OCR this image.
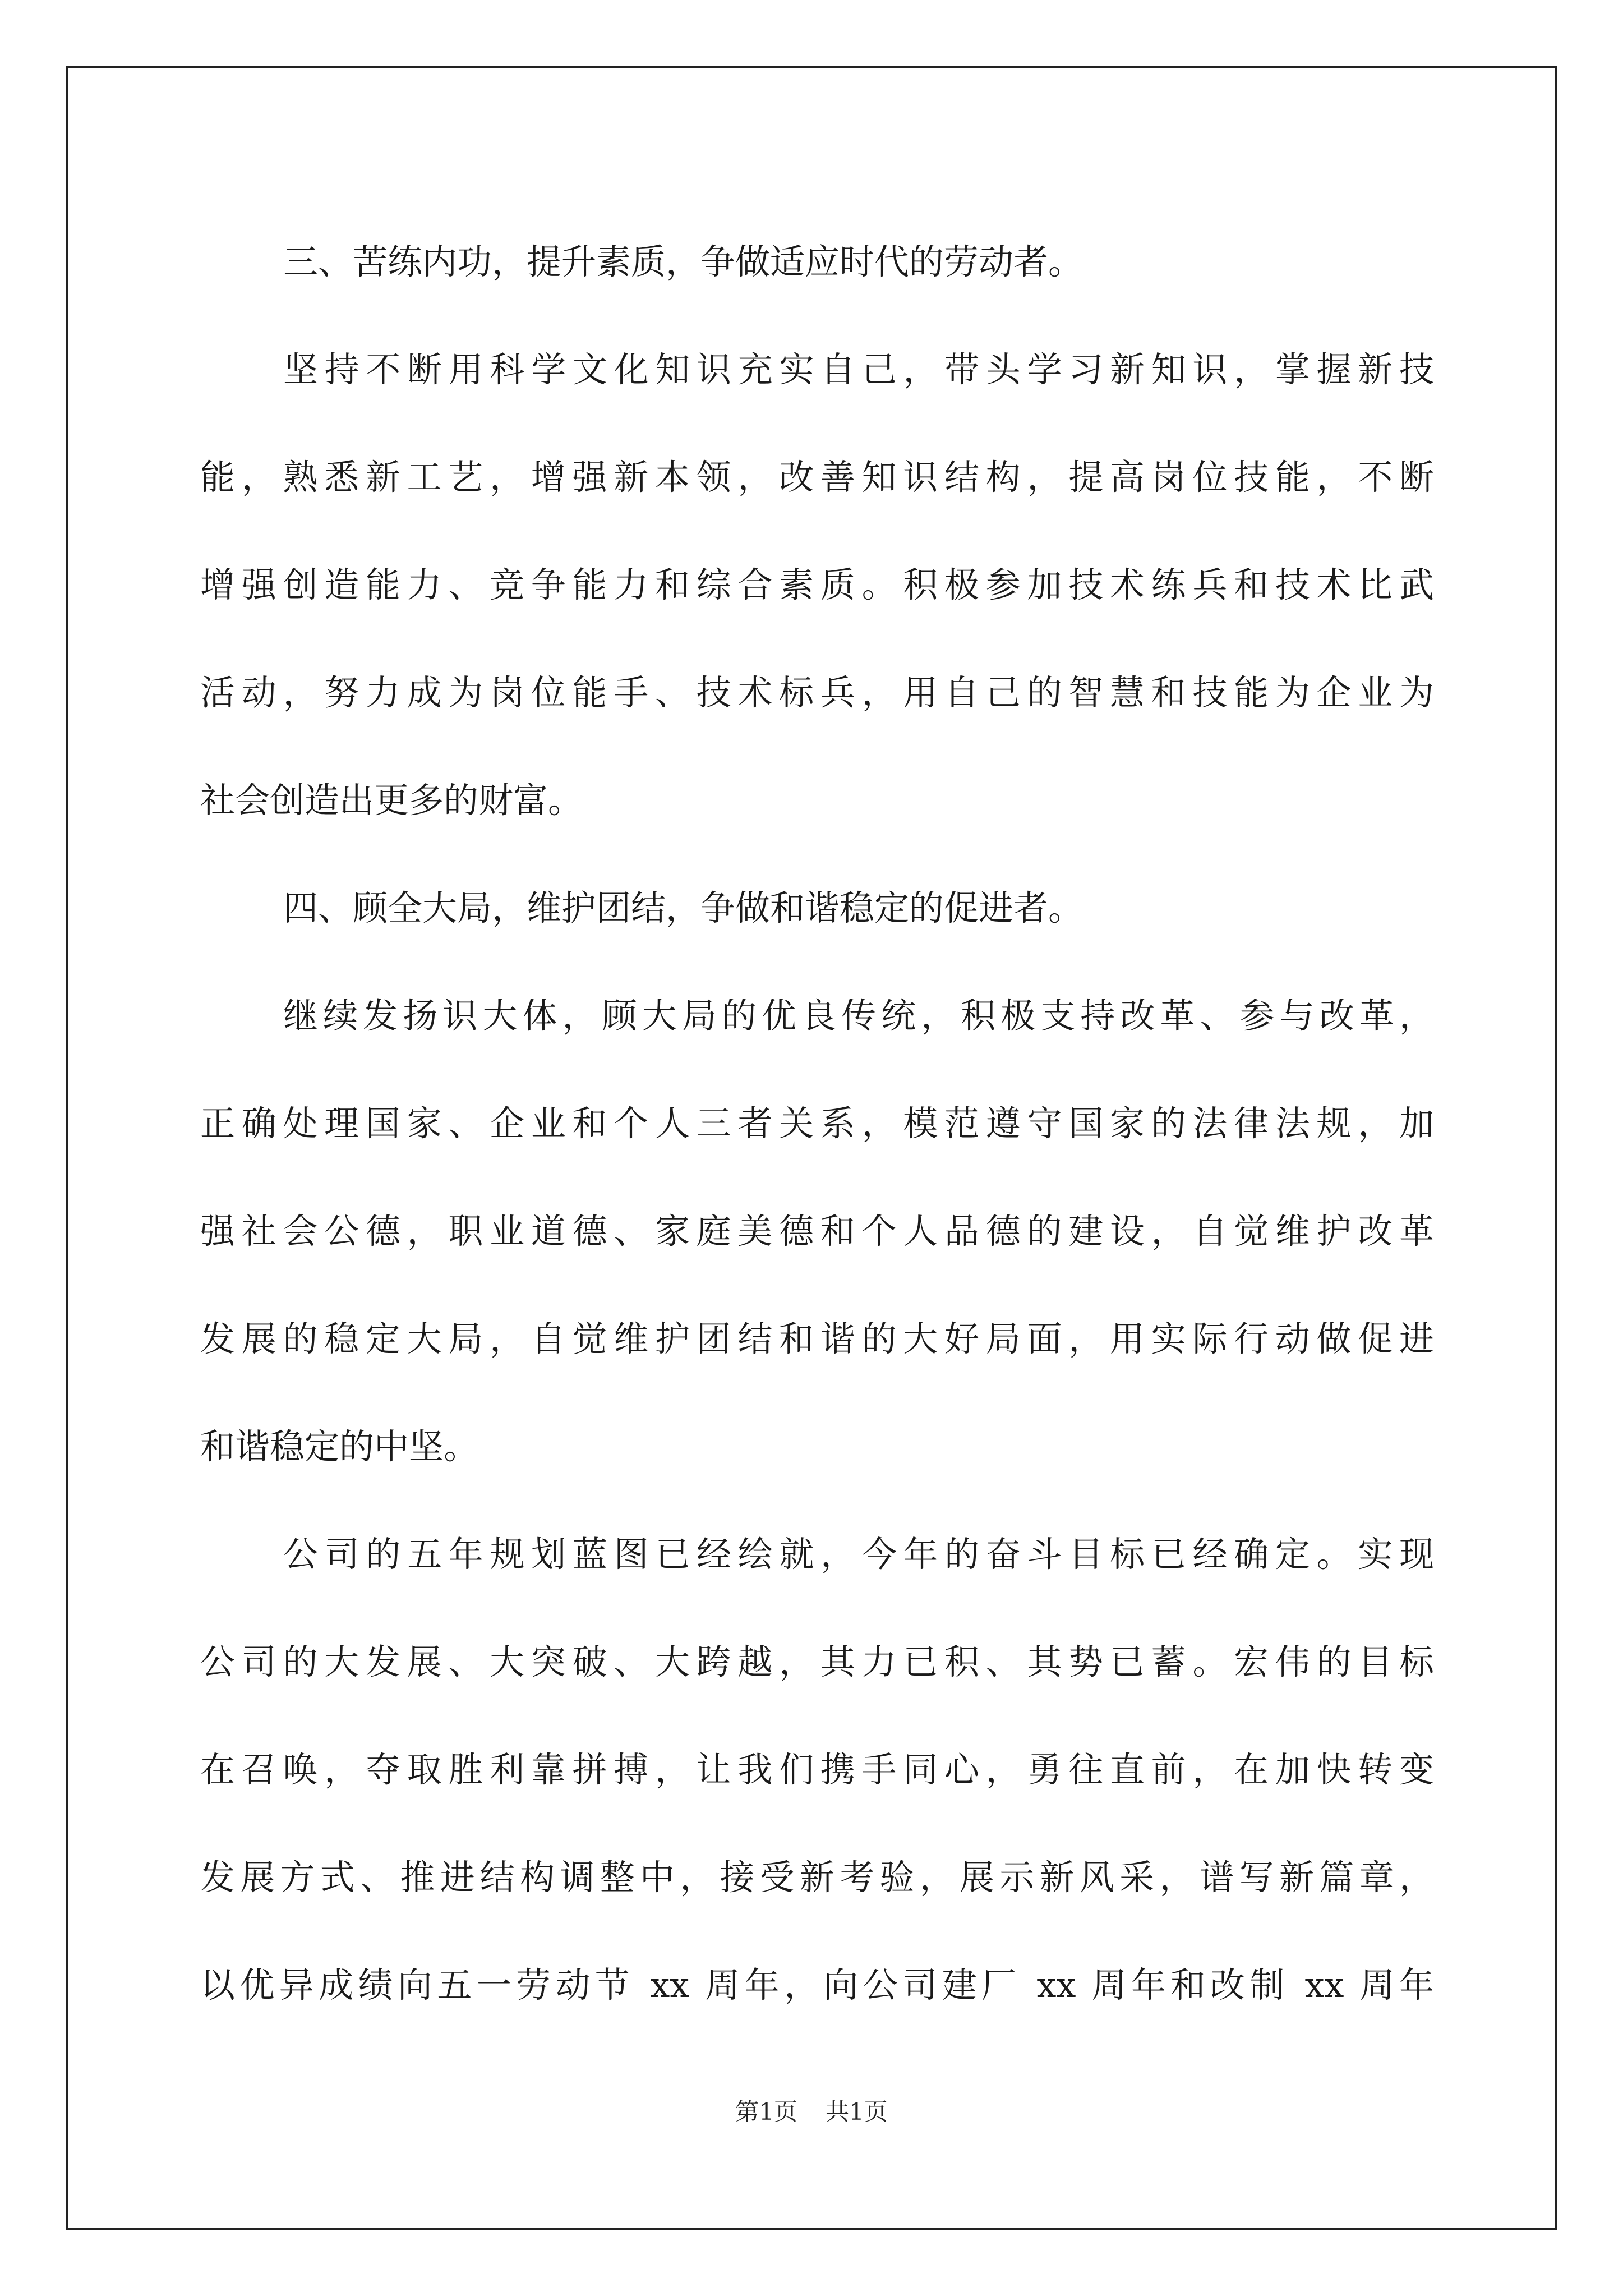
三、苦练内功，提升素质，争做适应时代的劳动者。
坚持不断用科学文化知识充实自己，带头学习新知识，掌握新技
能，熟悉新工艺，增强新本领，改善知识结构，提高岗位技能，不断
增强创造能力、竞争能力和综合素质。积极参加技术练兵和技术比武
活动，努力成为岗位能手、技术标兵，用自己的智慧和技能为企业为
社会创造出更多的财富。
四、顾全大局，维护团结，争做和谐稳定的促进者。
继续发扬识大体，顾大局的优良传统，积极支持改革、参与改革，
正确处理国家、企业和个人三者关系，模范遵守国家的法律法规，加
强社会公德，职业道德、家庭美德和个人品德的建设，自觉维护改革
发展的稳定大局，自觉维护团结和谐的大好局面，用实际行动做促进
和谐稳定的中坚。
公司的五年规划蓝图已经绘就，今年的奋斗目标已经确定。实现
公司的大发展、大突破、大跨越，其力已积、其势已蓄。宏伟的目标
在召唤，夺取胜利靠拼搏，让我们携手同心，勇往直前，在加快转变
发展方式、推进结构调整中，接受新考验，展示新风采，谱写新篇章，
以优异成绩向五一劳动节 xx 周年，向公司建厂 xx 周年和改制 xx 周年
第1页 共1页
